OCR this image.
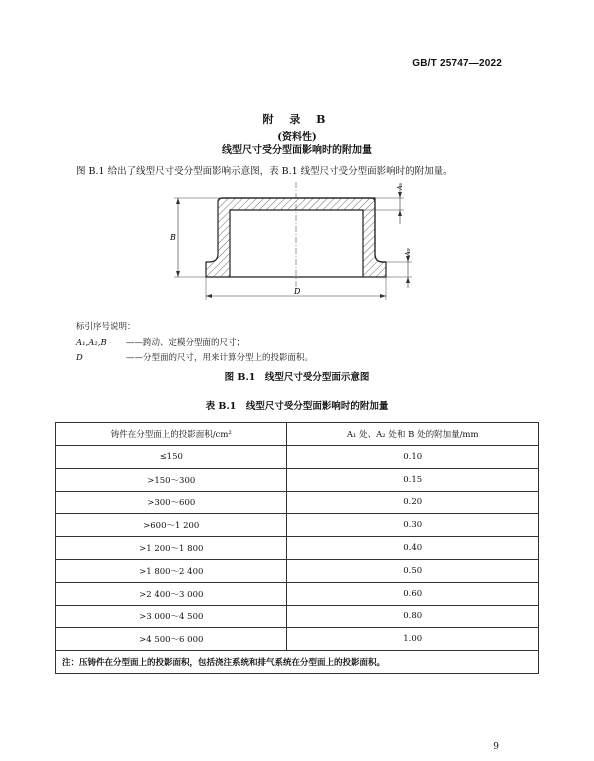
GB/T 25747—2022
附 录 B
(资料性)
线型尺寸受分型面影响时的附加量
图 B.1 给出了线型尺寸受分型面影响示意图，表 B.1 线型尺寸受分型面影响时的附加量。
B
D
A₁
A₂
标引序号说明：
A₁,A₂,B ——跨动、定模分型面的尺寸；
D	——分型面的尺寸，用来计算分型上的投影面积。
图 B.1　线型尺寸受分型面示意图
表 B.1　线型尺寸受分型面影响时的附加量
铸件在分型面上的投影面积/cm²	A₁ 处、A₂ 处和 B 处的附加量/mm
≤150	0.10
>150～300	0.15
>300～600	0.20
>600～1 200	0.30
>1 200～1 800	0.40
>1 800～2 400	0.50
>2 400～3 000	0.60
>3 000～4 500	0.80
>4 500～6 000	1.00
注：压铸件在分型面上的投影面积，包括浇注系统和排气系统在分型面上的投影面积。	
9
